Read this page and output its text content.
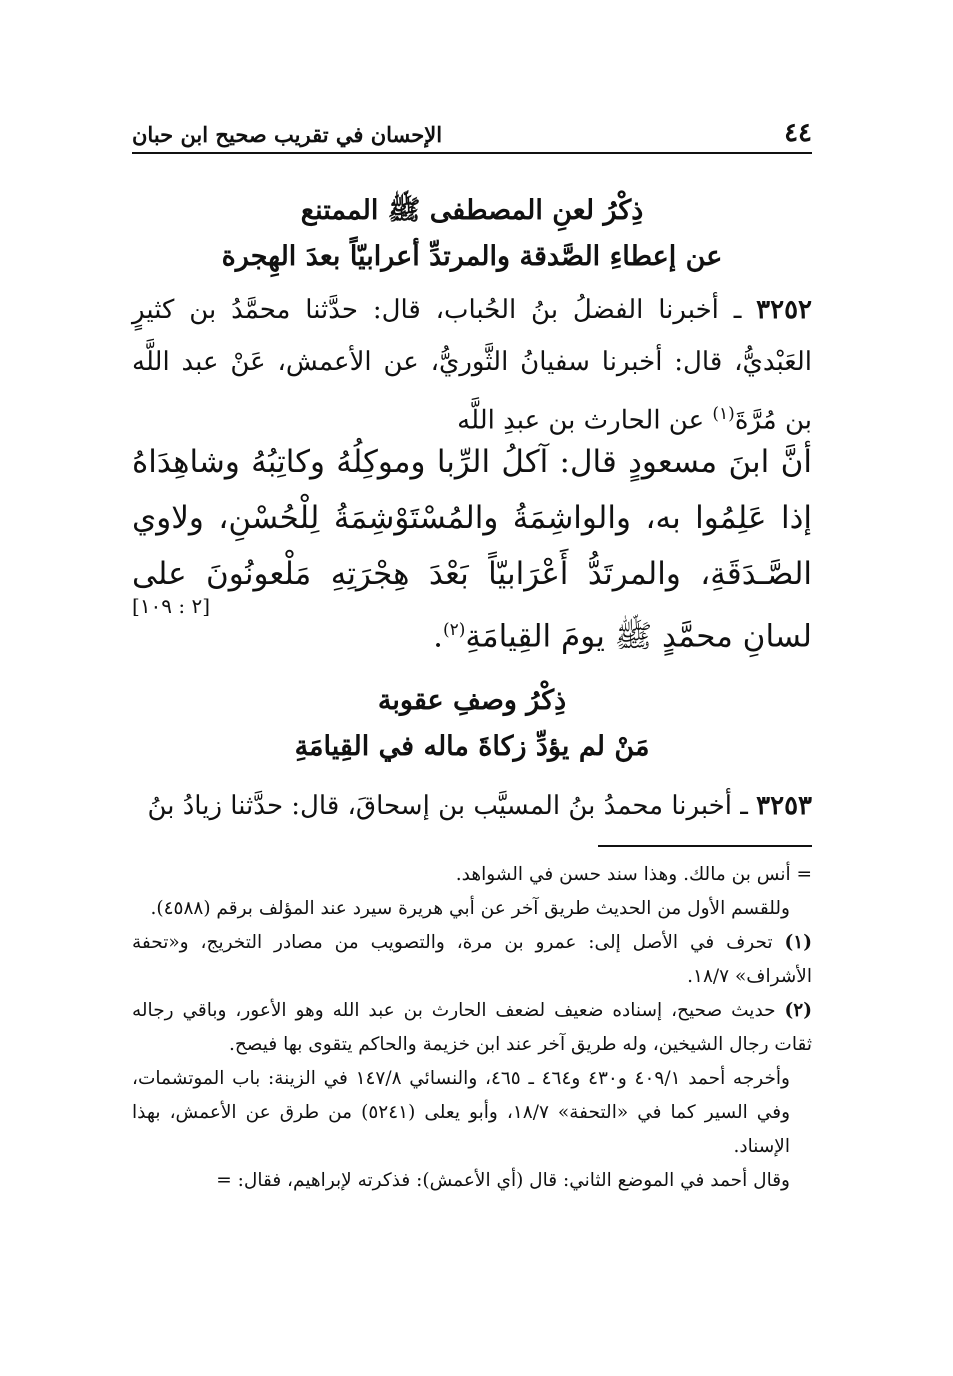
٤٤
الإحسان في تقريب صحيح ابن حبان
ذِكْرُ لعنِ المصطفى ﷺ الممتنع
عن إعطاءِ الصَّدقة والمرتدِّ أعرابيّاً بعدَ الهِجرة
٣٢٥٢ ـ أخبرنا الفضلُ بنُ الحُباب، قال: حدَّثنا محمَّدُ بن كثيرٍ العَبْديُّ، قال: أخبرنا سفيانُ الثَّوريُّ، عن الأعمش، عَنْ عبد اللَّه بن مُرَّةَ$^{(١)}$ عن الحارث بن عبدِ اللَّه
أنَّ ابنَ مسعودٍ قال: آكلُ الرِّبا وموكِلُهُ وكاتِبُهُ وشاهِدَاهُ إذا عَلِمُوا به، والواشِمَةُ والمُسْتَوْشِمَةُ لِلْحُسْنِ، ولاوي الصَّـدَقَةِ، والمرتَدُّ أَعْرَابيّاً بَعْدَ هِجْرَتِهِ مَلْعونُونَ على لسانِ محمَّدٍ ﷺ يومَ القِيامَةِ$^{(٢)}$.
[٢ : ١٠٩]
ذِكْرُ وصفِ عقوبة
مَنْ لم يؤدِّ زكاةَ ماله في القِيامَةِ
٣٢٥٣ ـ أخبرنا محمدُ بنُ المسيَّب بن إسحاقَ، قال: حدَّثنا زيادُ بنُ

= أنس بن مالك. وهذا سند حسن في الشواهد.

وللقسم الأول من الحديث طريق آخر عن أبي هريرة سيرد عند المؤلف برقم (٤٥٨٨).

(١) تحرف في الأصل إلى: عمرو بن مرة، والتصويب من مصادر التخريج، و«تحفة الأشراف» ١٨/٧.

(٢) حديث صحيح، إسناده ضعيف لضعف الحارث بن عبد الله وهو الأعور، وباقي رجاله ثقات رجال الشيخين، وله طريق آخر عند ابن خزيمة والحاكم يتقوى بها فيصح.

وأخرجه أحمد ٤٠٩/١ و٤٣٠ و٤٦٤ ـ ٤٦٥، والنسائي ١٤٧/٨ في الزينة: باب الموتشمات، وفي السير كما في «التحفة» ١٨/٧، وأبو يعلى (٥٢٤١) من طرق عن الأعمش، بهذا الإسناد.

وقال أحمد في الموضع الثاني: قال (أي الأعمش): فذكرته لإبراهيم، فقال: =
